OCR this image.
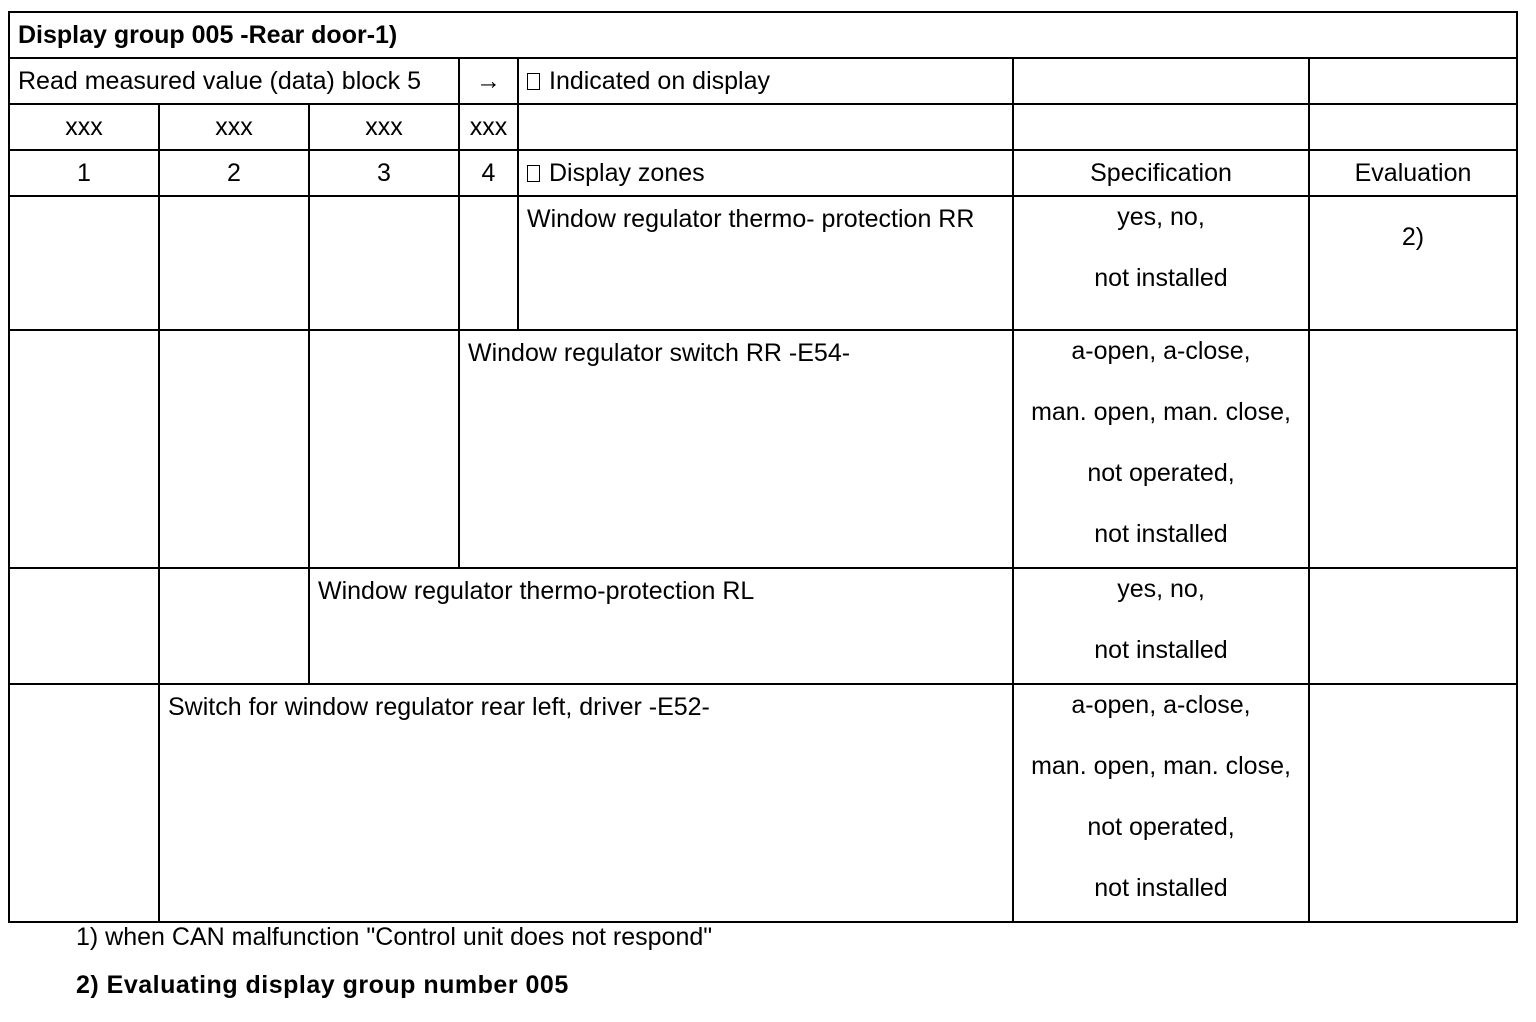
Display group 005 -Rear door-1)						
Read measured value (data) block 5			→	Indicated on display		
xxx	xxx	xxx	xxx			
1	2	3	4	Display zones	Specification	Evaluation
				Window regulator thermo- protection RR	yes, no,
not installed	2)
			Window regulator switch RR -E54-		a-open, a-close,
man. open, man. close,
not operated,
not installed	

		Window regulator thermo-protection RL			yes, no,
not installed	

	Switch for window regulator rear left, driver -E52-				a-open, a-close,
man. open, man. close,
not operated,
not installed	

1) when CAN malfunction "Control unit does not respond"
2) Evaluating display group number 005
